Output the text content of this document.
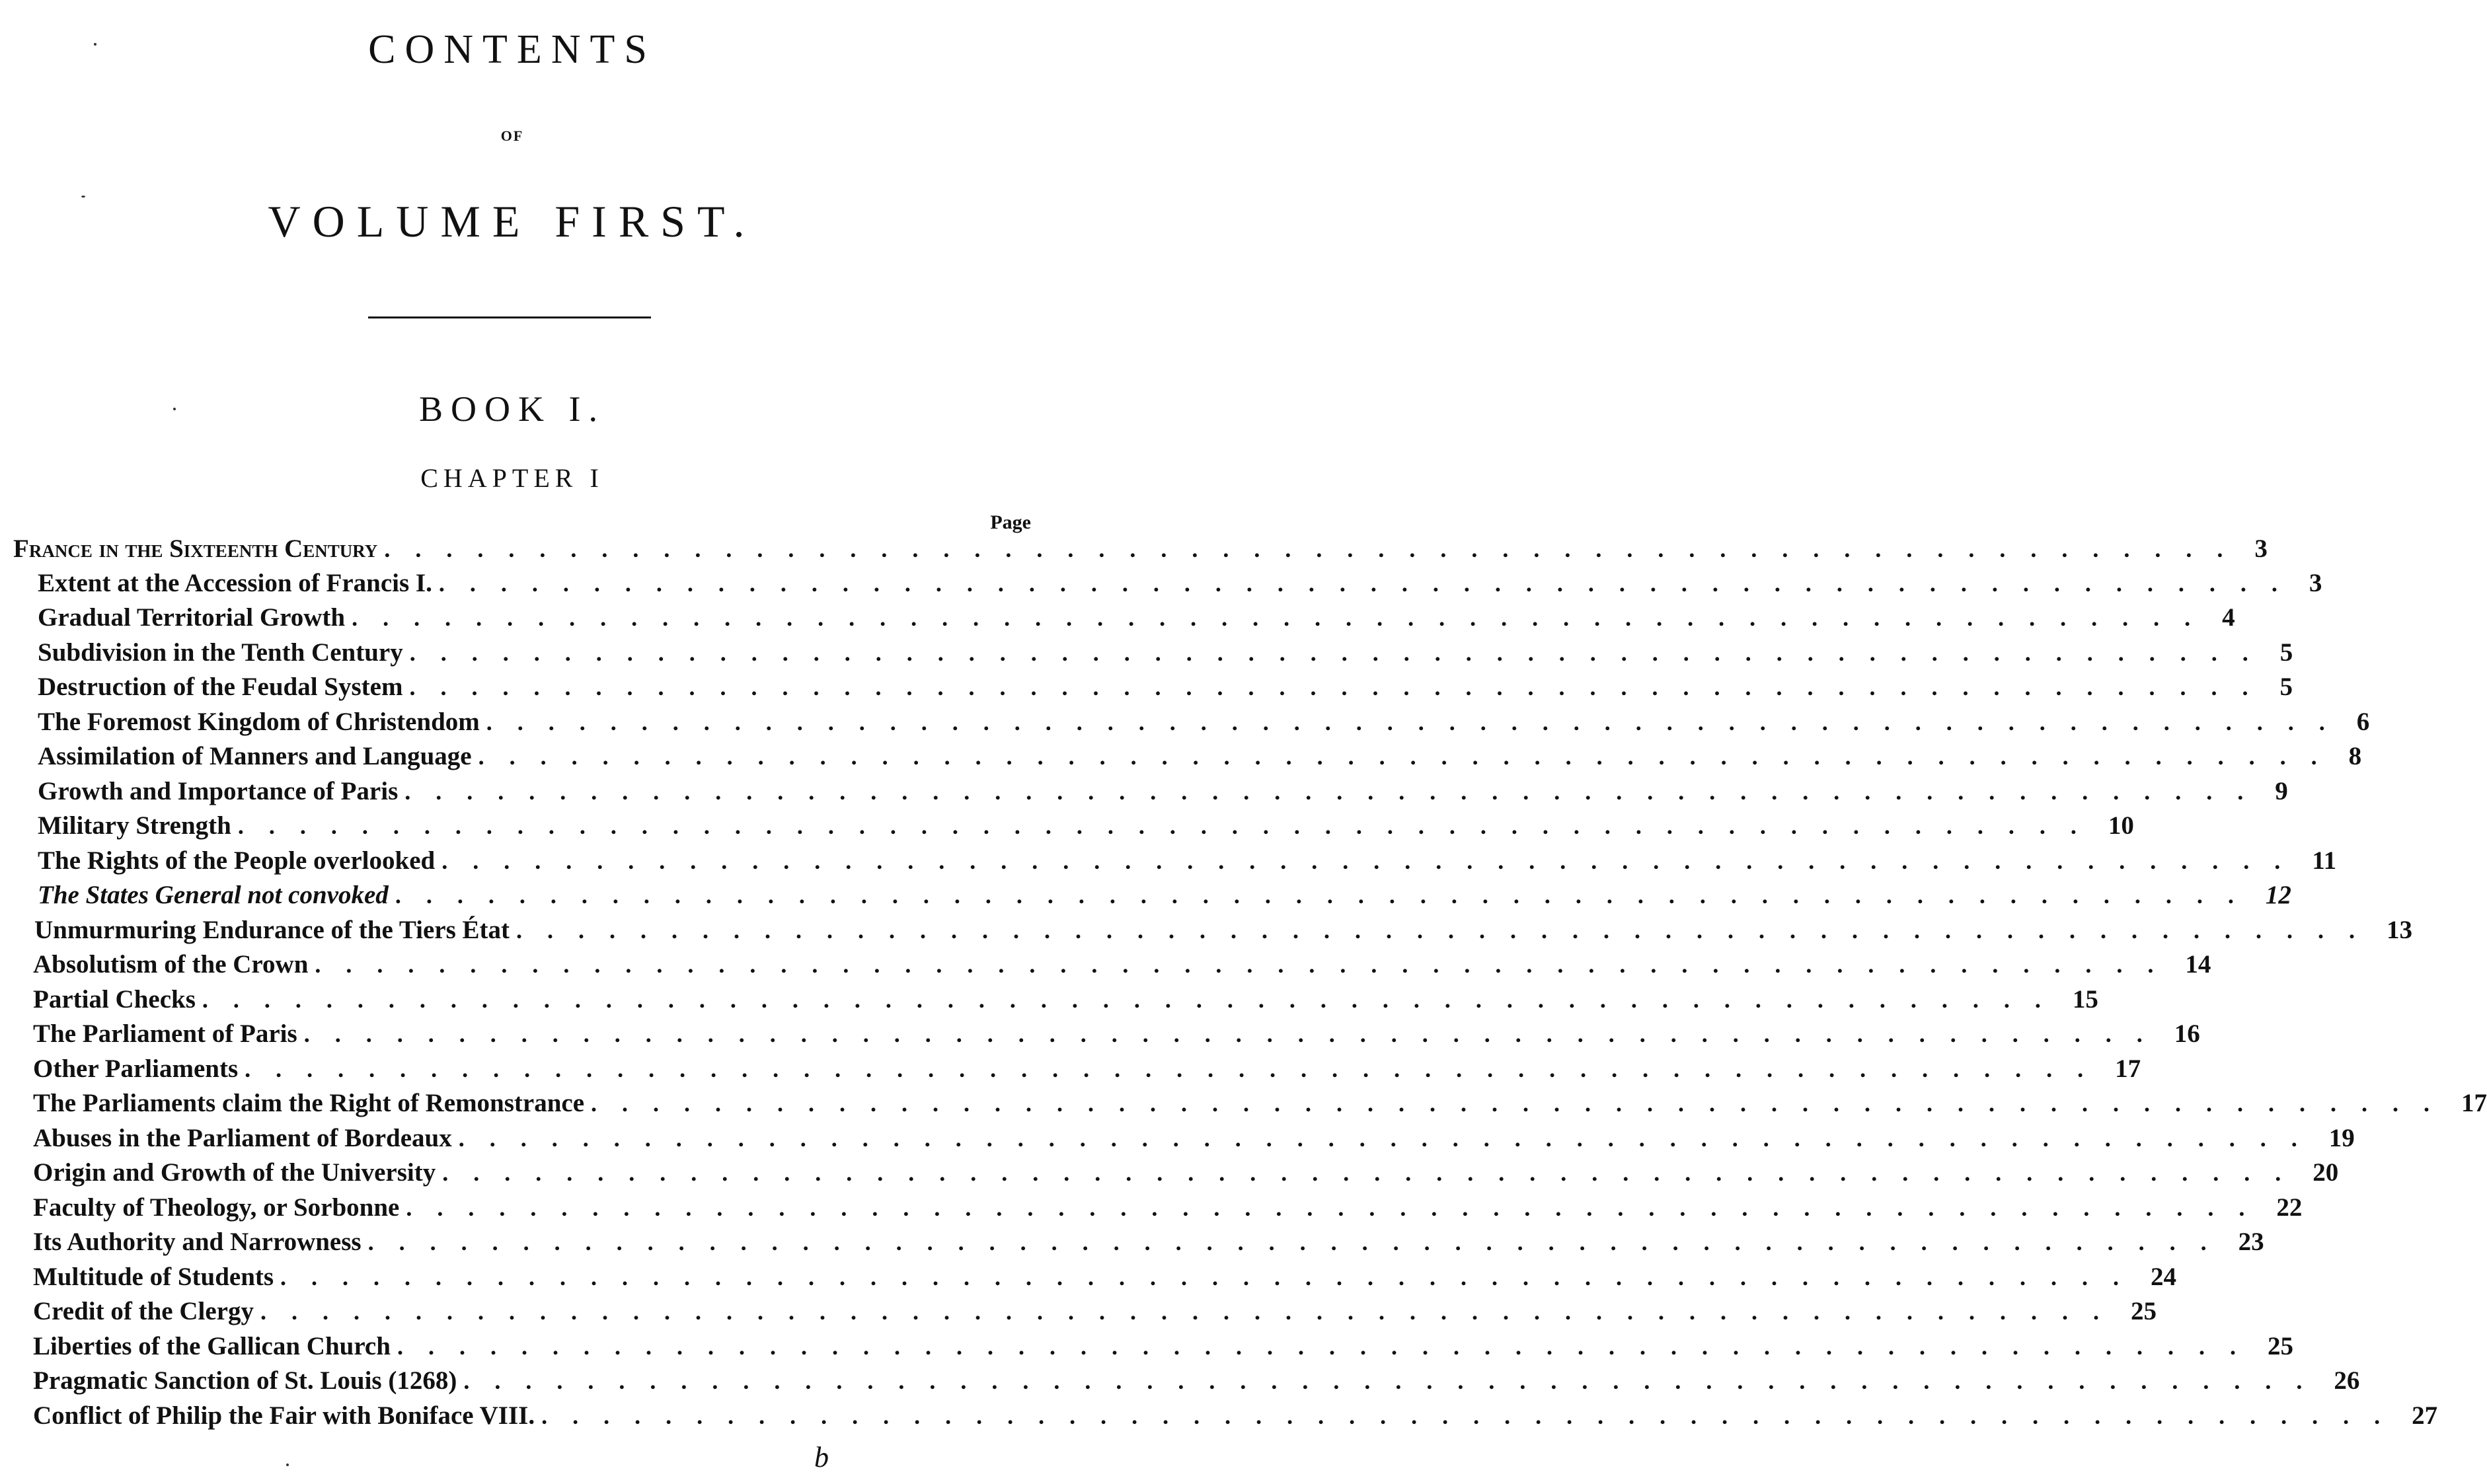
CONTENTS
OF
VOLUME FIRST.
BOOK I.
CHAPTER I
Page
France in the Sixteenth Century ............................................................ 3
Extent at the Accession of Francis I. ............................................................ 3
Gradual Territorial Growth ............................................................ 4
Subdivision in the Tenth Century ............................................................ 5
Destruction of the Feudal System ............................................................ 5
The Foremost Kingdom of Christendom ............................................................ 6
Assimilation of Manners and Language ............................................................ 8
Growth and Importance of Paris ............................................................ 9
Military Strength ............................................................ 10
The Rights of the People overlooked ............................................................ 11
The States General not convoked ............................................................ 12
Unmurmuring Endurance of the Tiers État ............................................................ 13
Absolutism of the Crown ............................................................ 14
Partial Checks ............................................................ 15
The Parliament of Paris ............................................................ 16
Other Parliaments ............................................................ 17
The Parliaments claim the Right of Remonstrance ............................................................ 17
Abuses in the Parliament of Bordeaux ............................................................ 19
Origin and Growth of the University ............................................................ 20
Faculty of Theology, or Sorbonne ............................................................ 22
Its Authority and Narrowness ............................................................ 23
Multitude of Students ............................................................ 24
Credit of the Clergy ............................................................ 25
Liberties of the Gallican Church ............................................................ 25
Pragmatic Sanction of St. Louis (1268) ............................................................ 26
Conflict of Philip the Fair with Boniface VIII. ............................................................ 27
b
